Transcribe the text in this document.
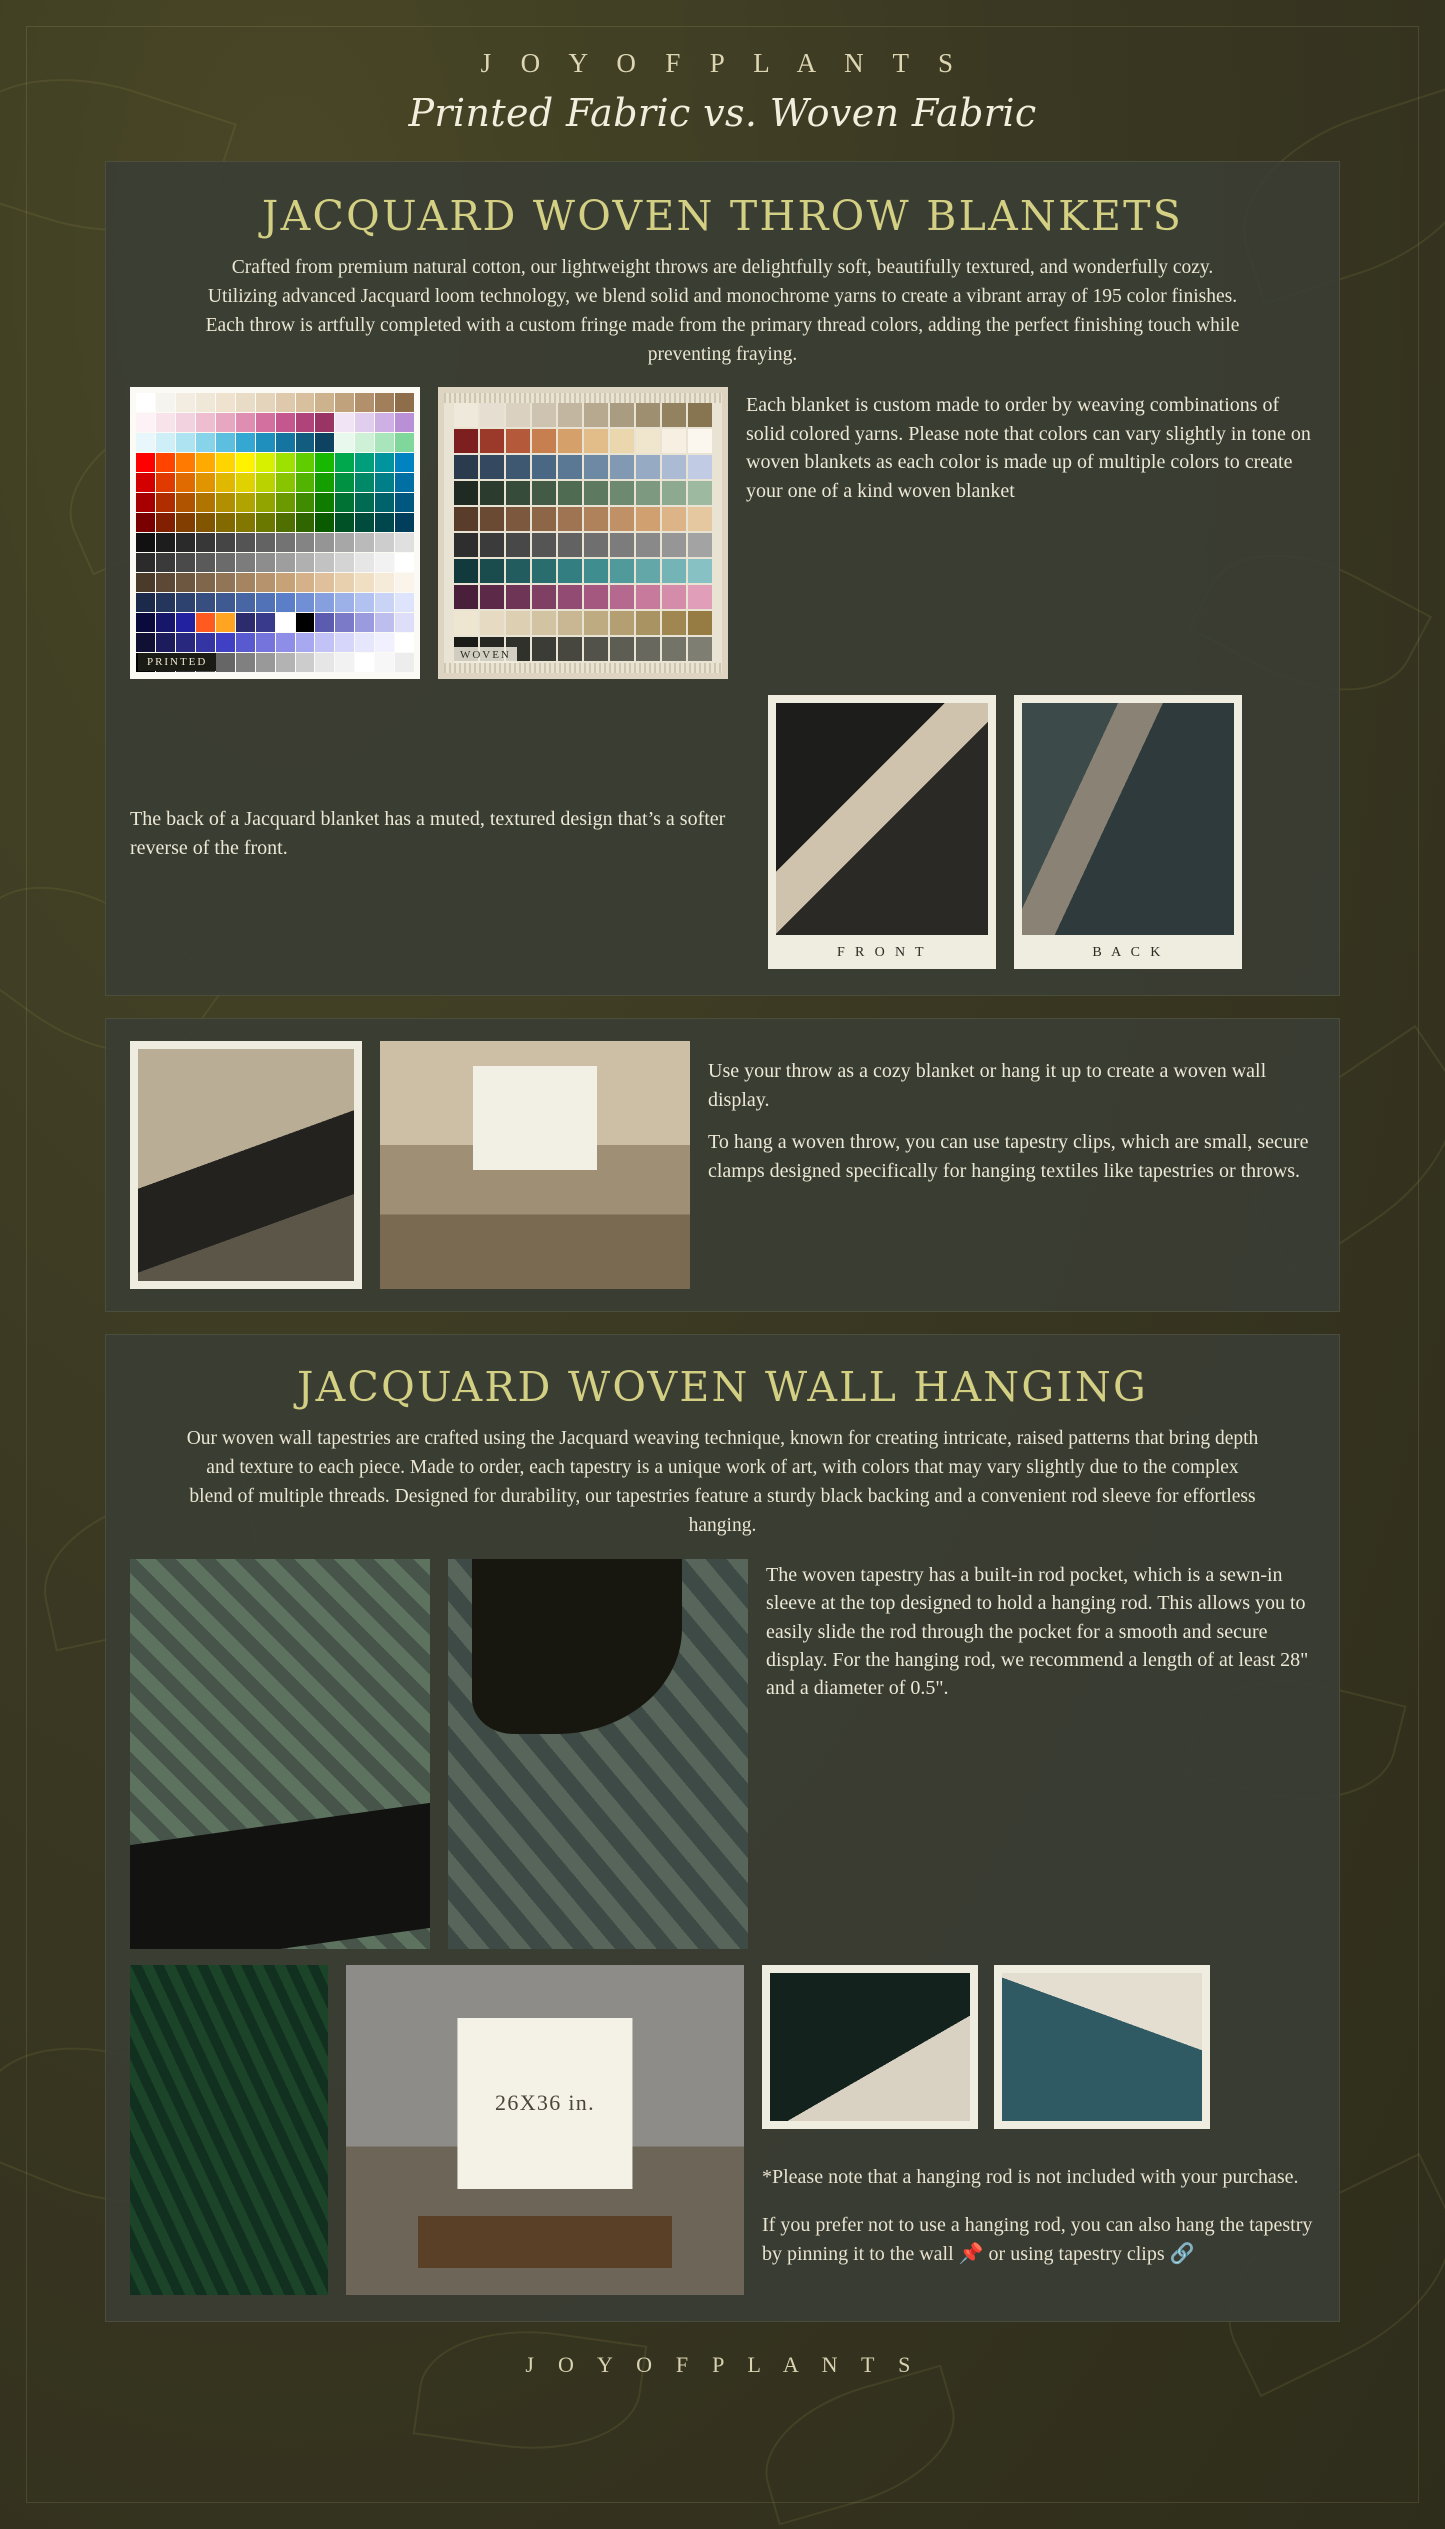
J O Y O F P L A N T S
Printed Fabric vs. Woven Fabric
JACQUARD WOVEN THROW BLANKETS
Crafted from premium natural cotton, our lightweight throws are delightfully soft, beautifully textured, and wonderfully cozy. Utilizing advanced Jacquard loom technology, we blend solid and monochrome yarns to create a vibrant array of 195 color finishes. Each throw is artfully completed with a custom fringe made from the primary thread colors, adding the perfect finishing touch while preventing fraying.
PRINTED
WOVEN

Each blanket is custom made to order by weaving combinations of solid colored yarns. Please note that colors can vary slightly in tone on woven blankets as each color is made up of multiple colors to create your one of a kind woven blanket

The back of a Jacquard blanket has a muted, textured design that’s a softer reverse of the front.

F R O N T	B A C K

Use your throw as a cozy blanket or hang it up to create a woven wall display.

To hang a woven throw, you can use tapestry clips, which are small, secure clamps designed specifically for hanging textiles like tapestries or throws.

JACQUARD WOVEN WALL HANGING
Our woven wall tapestries are crafted using the Jacquard weaving technique, known for creating intricate, raised patterns that bring depth and texture to each piece. Made to order, each tapestry is a unique work of art, with colors that may vary slightly due to the complex blend of multiple threads. Designed for durability, our tapestries feature a sturdy black backing and a convenient rod sleeve for effortless hanging.

The woven tapestry has a built-in rod pocket, which is a sewn-in sleeve at the top designed to hold a hanging rod. This allows you to easily slide the rod through the pocket for a smooth and secure display. For the hanging rod, we recommend a length of at least 28" and a diameter of 0.5".

26X36 in.

*Please note that a hanging rod is not included with your purchase.

If you prefer not to use a hanging rod, you can also hang the tapestry by pinning it to the wall 📌 or using tapestry clips 🔗

J O Y O F P L A N T S
